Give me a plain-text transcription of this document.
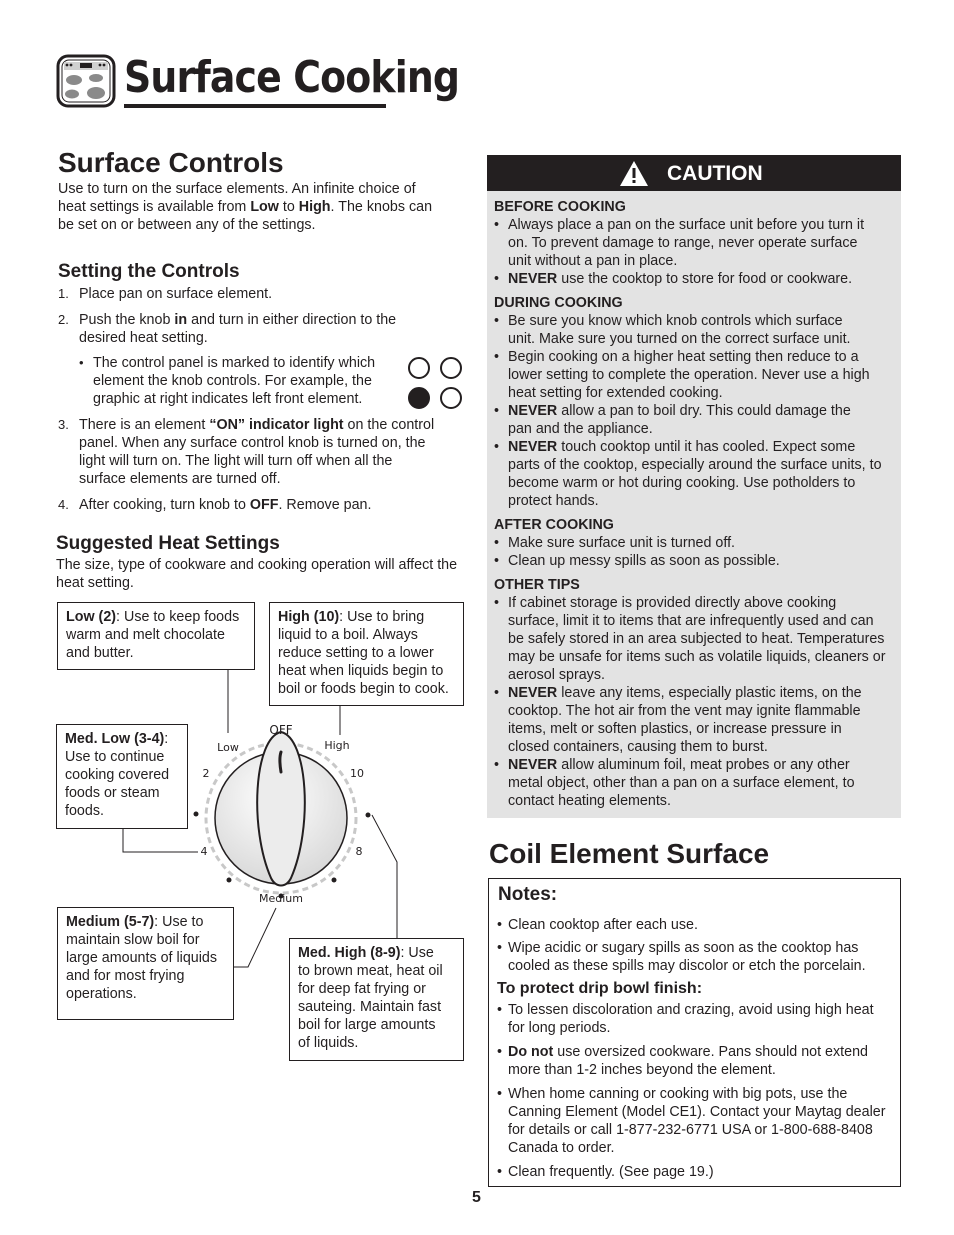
Surface Cooking
Surface Controls
Use to turn on the surface elements. An infinite choice of
heat settings is available from Low to High. The knobs can
be set on or between any of the settings.
Setting the Controls
1. Place pan on surface element.
2. Push the knob in and turn in either direction to the
desired heat setting.
• The control panel is marked to identify which
element the knob controls. For example, the
graphic at right indicates left front element.
3. There is an element “ON” indicator light on the control
panel. When any surface control knob is turned on, the
light will turn on. The light will turn off when all the
surface elements are turned off.
4. After cooking, turn knob to OFF. Remove pan.
Suggested Heat Settings
The size, type of cookware and cooking operation will affect the
heat setting.
Low (2): Use to keep foods
warm and melt chocolate
and butter.
High (10): Use to bring
liquid to a boil. Always
reduce setting to a lower
heat when liquids begin to
boil or foods begin to cook.
Med. Low (3-4):
Use to continue
cooking covered
foods or steam
foods.
Medium (5-7): Use to
maintain slow boil for
large amounts of liquids
and for most frying
operations.
Med. High (8-9): Use
to brown meat, heat oil
for deep fat frying or
sauteing. Maintain fast
boil for large amounts
of liquids.
OFF
Low	High
2	10
4	8
Medium
CAUTION
BEFORE COOKING
• Always place a pan on the surface unit before you turn it
on. To prevent damage to range, never operate surface
unit without a pan in place.
• NEVER use the cooktop to store for food or cookware.
DURING COOKING
• Be sure you know which knob controls which surface
unit. Make sure you turned on the correct surface unit.
• Begin cooking on a higher heat setting then reduce to a
lower setting to complete the operation. Never use a high
heat setting for extended cooking.
• NEVER allow a pan to boil dry. This could damage the
pan and the appliance.
• NEVER touch cooktop until it has cooled. Expect some
parts of the cooktop, especially around the surface units, to
become warm or hot during cooking. Use potholders to
protect hands.
AFTER COOKING
• Make sure surface unit is turned off.
• Clean up messy spills as soon as possible.
OTHER TIPS
• If cabinet storage is provided directly above cooking
surface, limit it to items that are infrequently used and can
be safely stored in an area subjected to heat. Temperatures
may be unsafe for items such as volatile liquids, cleaners or
aerosol sprays.
• NEVER leave any items, especially plastic items, on the
cooktop. The hot air from the vent may ignite flammable
items, melt or soften plastics, or increase pressure in
closed containers, causing them to burst.
• NEVER allow aluminum foil, meat probes or any other
metal object, other than a pan on a surface element, to
contact heating elements.
Coil Element Surface
Notes:
• Clean cooktop after each use.
• Wipe acidic or sugary spills as soon as the cooktop has
cooled as these spills may discolor or etch the porcelain.
To protect drip bowl finish:
• To lessen discoloration and crazing, avoid using high heat
for long periods.
• Do not use oversized cookware. Pans should not extend
more than 1-2 inches beyond the element.
• When home canning or cooking with big pots, use the
Canning Element (Model CE1). Contact your Maytag dealer
for details or call 1-877-232-6771 USA or 1-800-688-8408
Canada to order.
• Clean frequently. (See page 19.)
5
